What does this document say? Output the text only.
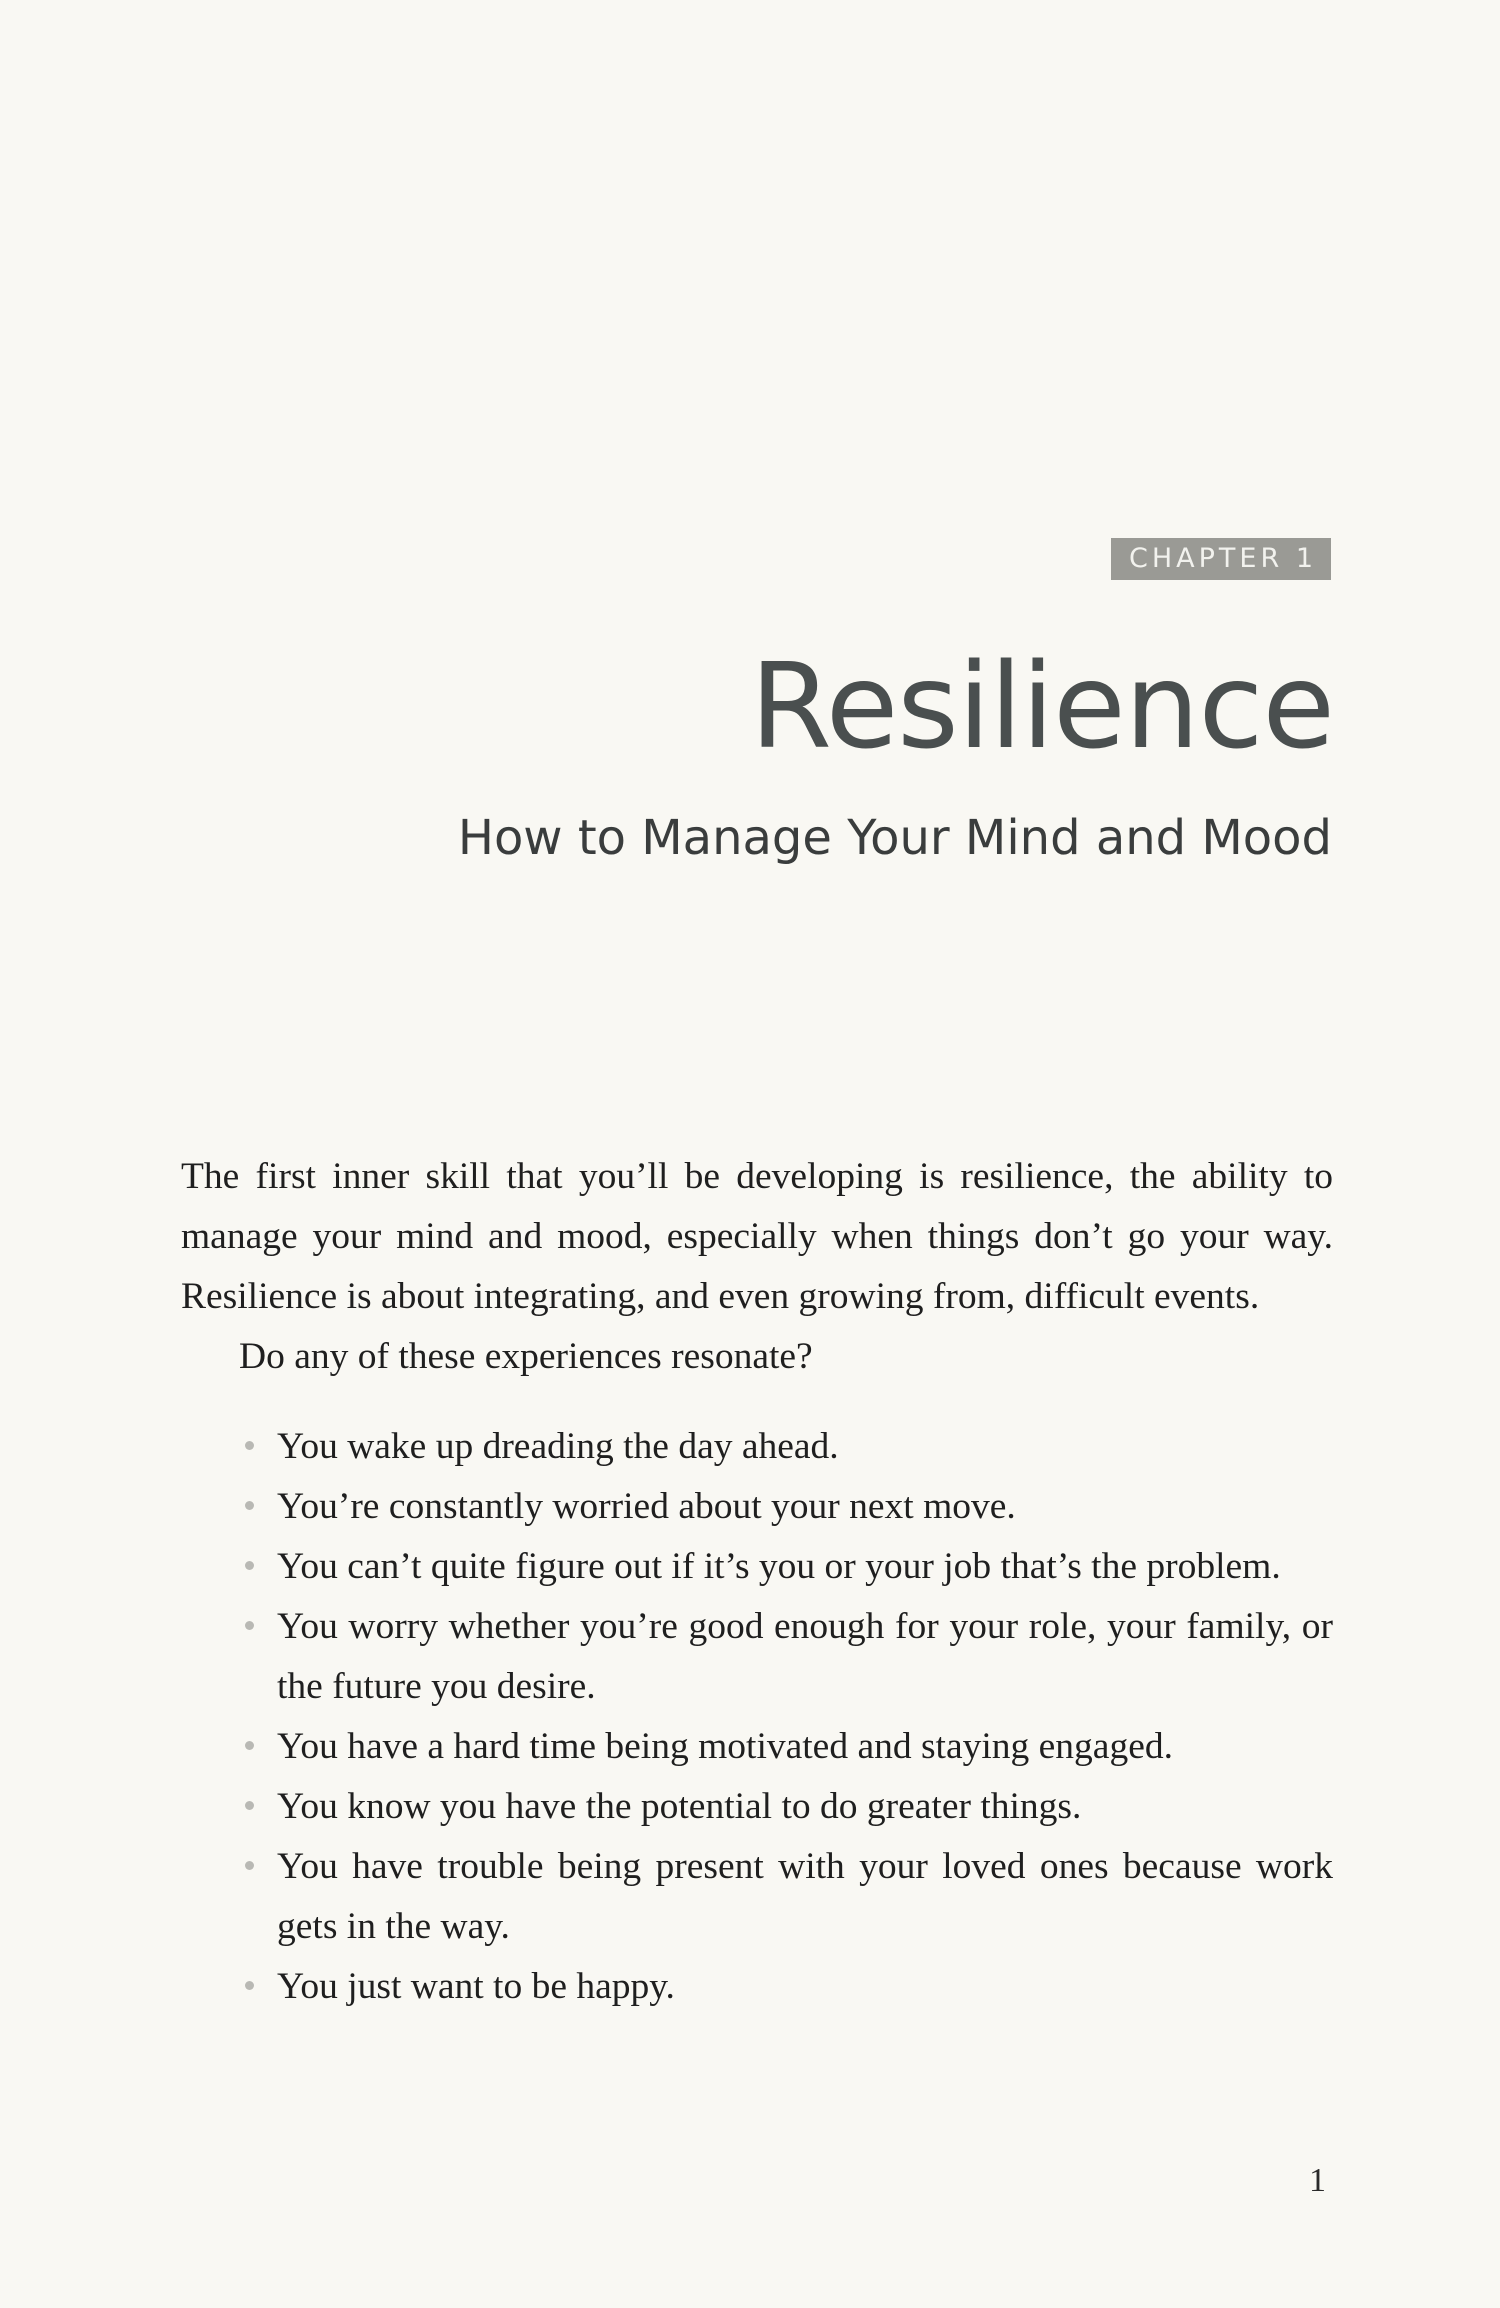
CHAPTER 1
Resilience
How to Manage Your Mind and Mood

The first inner skill that you’ll be developing is resilience, the ability to manage your mind and mood, especially when things don’t go your way. Resilience is about integrating, and even growing from, difficult events.

Do any of these experiences resonate?

You wake up dreading the day ahead.
You’re constantly worried about your next move.
You can’t quite figure out if it’s you or your job that’s the problem.
You worry whether you’re good enough for your role, your family, or the future you desire.
You have a hard time being motivated and staying engaged.
You know you have the potential to do greater things.
You have trouble being present with your loved ones because work gets in the way.
You just want to be happy.
1
